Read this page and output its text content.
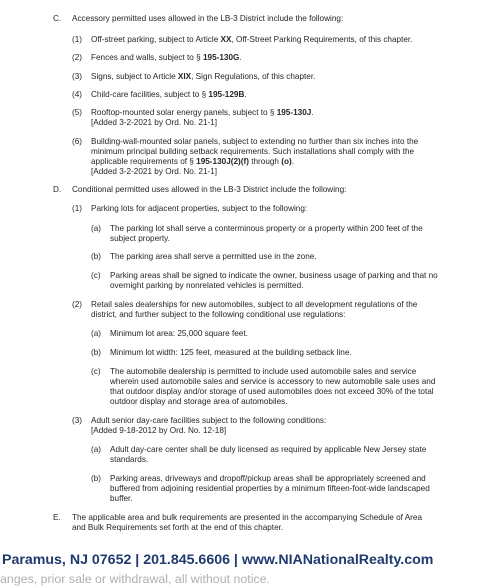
C. Accessory permitted uses allowed in the LB-3 District include the following:
(1) Off-street parking, subject to Article XX, Off-Street Parking Requirements, of this chapter.
(2) Fences and walls, subject to § 195-130G.
(3) Signs, subject to Article XIX, Sign Regulations, of this chapter.
(4) Child-care facilities, subject to § 195-129B.
(5) Rooftop-mounted solar energy panels, subject to § 195-130J.
[Added 3-2-2021 by Ord. No. 21-1]
(6) Building-wall-mounted solar panels, subject to extending no further than six inches into the
minimum principal building setback requirements. Such installations shall comply with the
applicable requirements of § 195-130J(2)(f) through (o).
[Added 3-2-2021 by Ord. No. 21-1]
D. Conditional permitted uses allowed in the LB-3 District include the following:
(1) Parking lots for adjacent properties, subject to the following:
(a) The parking lot shall serve a conterminous property or a property within 200 feet of the
subject property.
(b) The parking area shall serve a permitted use in the zone.
(c) Parking areas shall be signed to indicate the owner, business usage of parking and that no
overnight parking by nonrelated vehicles is permitted.
(2) Retail sales dealerships for new automobiles, subject to all development regulations of the
district, and further subject to the following conditional use regulations:
(a) Minimum lot area: 25,000 square feet.
(b) Minimum lot width: 125 feet, measured at the building setback line.
(c) The automobile dealership is permitted to include used automobile sales and service
wherein used automobile sales and service is accessory to new automobile sale uses and
that outdoor display and/or storage of used automobiles does not exceed 30% of the total
outdoor display and storage area of automobiles.
(3) Adult senior day-care facilities subject to the following conditions:
[Added 9-18-2012 by Ord. No. 12-18]
(a) Adult day-care center shall be duly licensed as required by applicable New Jersey state
standards.
(b) Parking areas, driveways and dropoff/pickup areas shall be appropriately screened and
buffered from adjoining residential properties by a minimum fifteen-foot-wide landscaped
buffer.
E. The applicable area and bulk requirements are presented in the accompanying Schedule of Area
and Bulk Requirements set forth at the end of this chapter.
Paramus, NJ 07652 | 201.845.6606 | www.NIANationalRealty.com
anges, prior sale or withdrawal, all without notice.
